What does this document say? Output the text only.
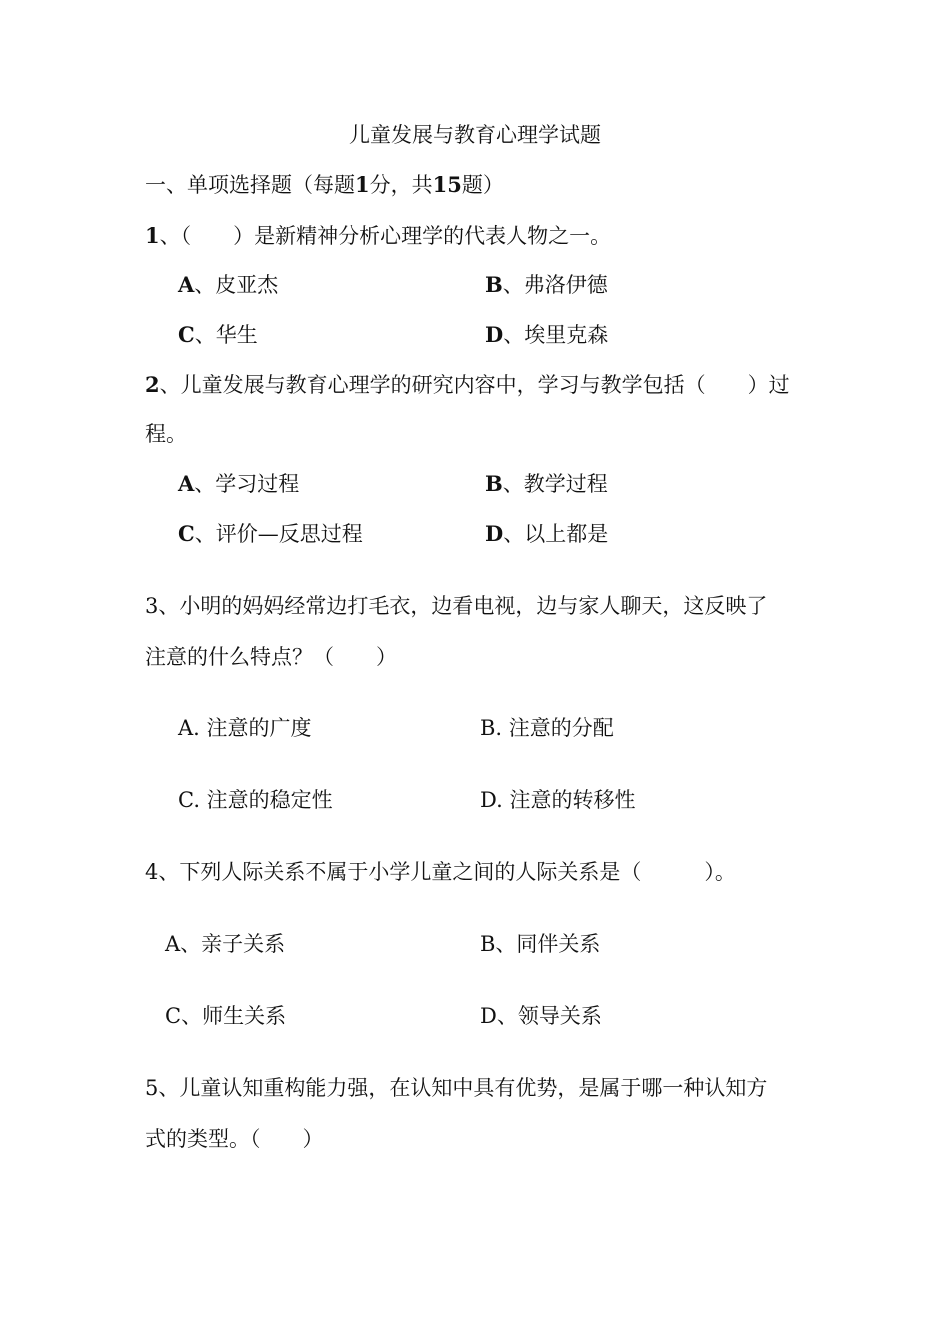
儿童发展与教育心理学试题
一、单项选择题（每题1分，共15题）
1、（　　）是新精神分析心理学的代表人物之一。
A、皮亚杰	B、弗洛伊德
C、华生	D、埃里克森
2、儿童发展与教育心理学的研究内容中，学习与教学包括（　　）过
程。
A、学习过程	B、教学过程
C、评价—反思过程	D、以上都是
3、小明的妈妈经常边打毛衣，边看电视，边与家人聊天，这反映了
注意的什么特点？（　　）
A. 注意的广度	B. 注意的分配
C. 注意的稳定性	D. 注意的转移性
4、下列人际关系不属于小学儿童之间的人际关系是（　　　）。
A、亲子关系	B、同伴关系
C、师生关系	D、领导关系
5、儿童认知重构能力强，在认知中具有优势，是属于哪一种认知方
式的类型。（　　）
